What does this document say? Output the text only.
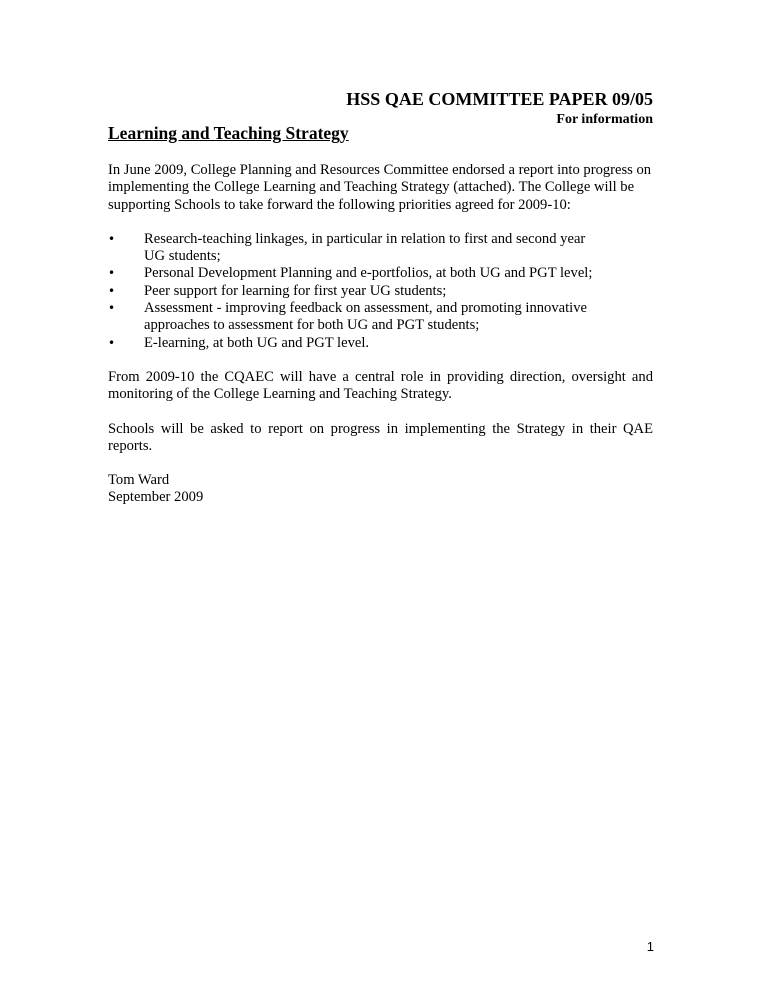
HSS QAE COMMITTEE PAPER 09/05
For information
Learning and Teaching Strategy

In June 2009, College Planning and Resources Committee endorsed a report into progress on implementing the College Learning and Teaching Strategy (attached). The College will be supporting Schools to take forward the following priorities agreed for 2009-10:

• Research-teaching linkages, in particular in relation to first and second year UG students;
• Personal Development Planning and e-portfolios, at both UG and PGT level;
• Peer support for learning for first year UG students;
• Assessment - improving feedback on assessment, and promoting innovative approaches to assessment for both UG and PGT students;
• E-learning, at both UG and PGT level.

From 2009-10 the CQAEC will have a central role in providing direction, oversight and monitoring of the College Learning and Teaching Strategy.

Schools will be asked to report on progress in implementing the Strategy in their QAE reports.

Tom Ward
September 2009
1
